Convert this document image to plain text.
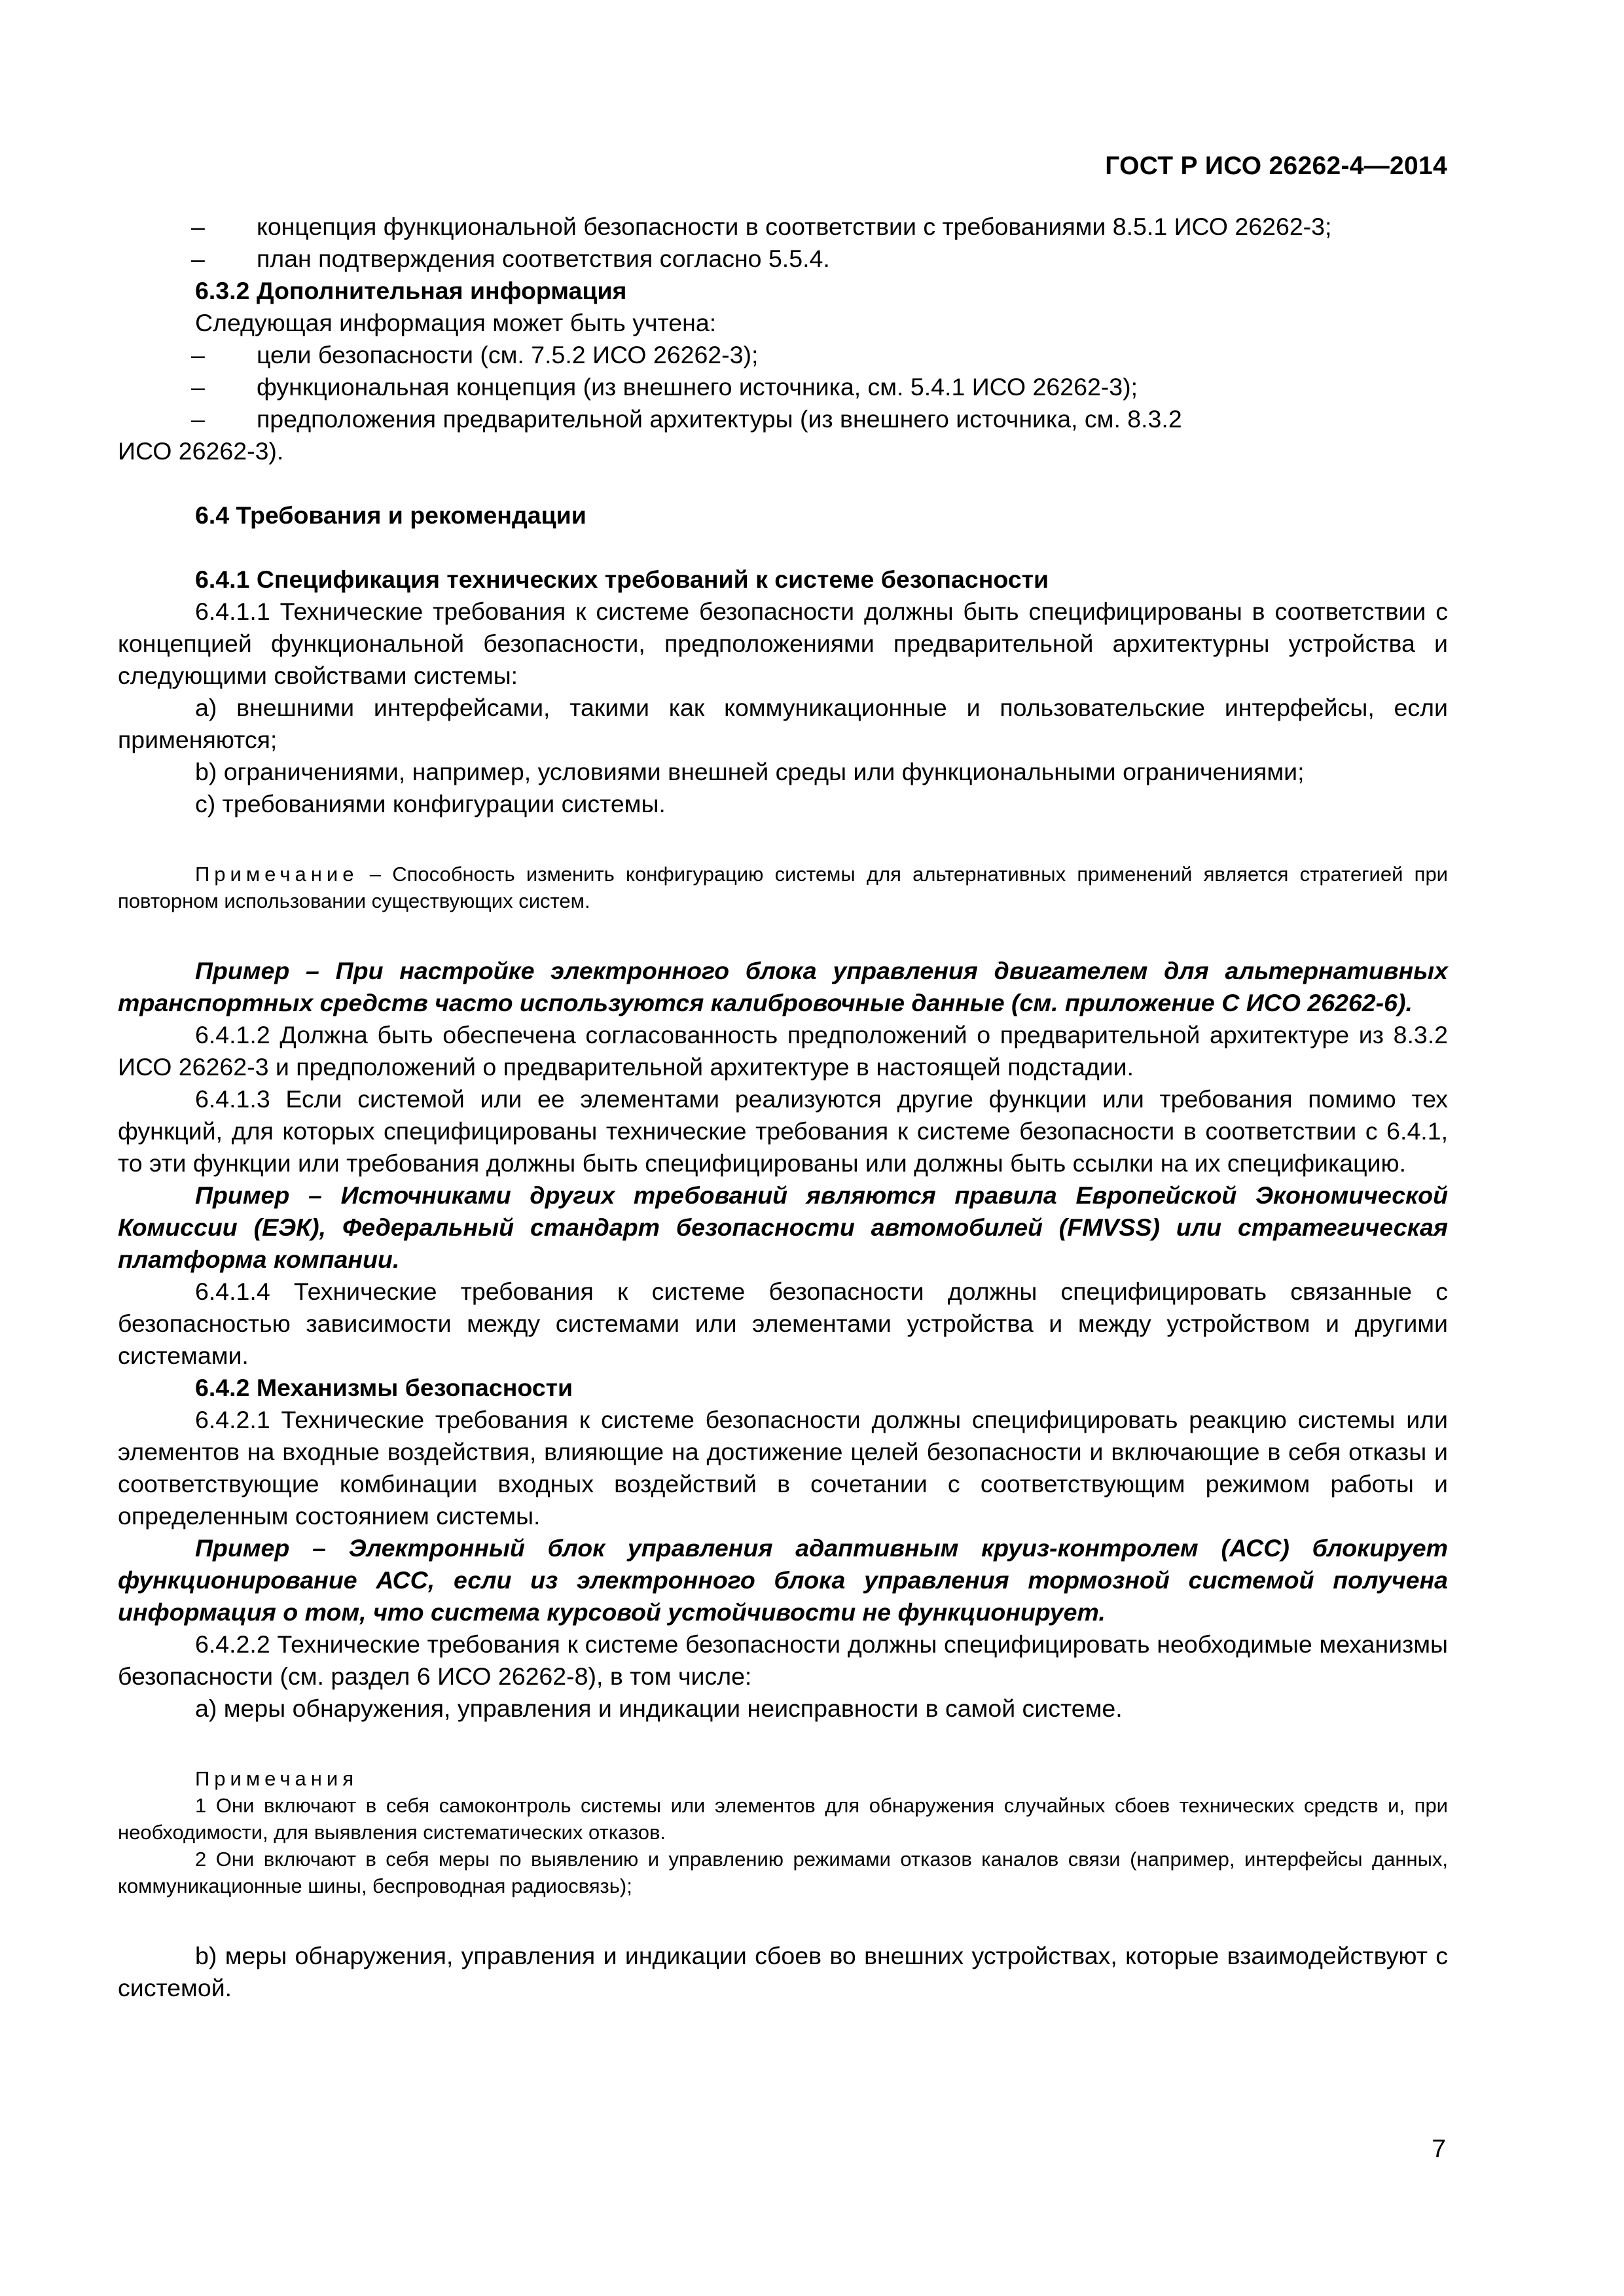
ГОСТ Р ИСО 26262-4—2014

– концепция функциональной безопасности в соответствии с требованиями 8.5.1 ИСО 26262-3;

– план подтверждения соответствия согласно 5.5.4.

6.3.2 Дополнительная информация

Следующая информация может быть учтена:

– цели безопасности (см. 7.5.2 ИСО 26262-3);

– функциональная концепция (из внешнего источника, см. 5.4.1 ИСО 26262-3);

– предположения предварительной архитектуры (из внешнего источника, см. 8.3.2

ИСО 26262-3).

6.4 Требования и рекомендации

6.4.1 Спецификация технических требований к системе безопасности

6.4.1.1 Технические требования к системе безопасности должны быть специфицированы в соответствии с концепцией функциональной безопасности, предположениями предварительной архитектурны устройства и следующими свойствами системы:

a) внешними интерфейсами, такими как коммуникационные и пользовательские интерфейсы, если применяются;

b) ограничениями, например, условиями внешней среды или функциональными ограничениями;

c) требованиями конфигурации системы.

Примечание – Способность изменить конфигурацию системы для альтернативных применений является стратегией при повторном использовании существующих систем.

Пример – При настройке электронного блока управления двигателем для альтернативных транспортных средств часто используются калибровочные данные (см. приложение С ИСО 26262-6).

6.4.1.2 Должна быть обеспечена согласованность предположений о предварительной архитектуре из 8.3.2 ИСО 26262-3 и предположений о предварительной архитектуре в настоящей подстадии.

6.4.1.3 Если системой или ее элементами реализуются другие функции или требования помимо тех функций, для которых специфицированы технические требования к системе безопасности в соответствии с 6.4.1, то эти функции или требования должны быть специфицированы или должны быть ссылки на их спецификацию.

Пример – Источниками других требований являются правила Европейской Экономической Комиссии (ЕЭК), Федеральный стандарт безопасности автомобилей (FMVSS) или стратегическая платформа компании.

6.4.1.4 Технические требования к системе безопасности должны специфицировать связанные с безопасностью зависимости между системами или элементами устройства и между устройством и другими системами.

6.4.2 Механизмы безопасности

6.4.2.1 Технические требования к системе безопасности должны специфицировать реакцию системы или элементов на входные воздействия, влияющие на достижение целей безопасности и включающие в себя отказы и соответствующие комбинации входных воздействий в сочетании с соответствующим режимом работы и определенным состоянием системы.

Пример – Электронный блок управления адаптивным круиз-контролем (АСС) блокирует функционирование АСС, если из электронного блока управления тормозной системой получена информация о том, что система курсовой устойчивости не функционирует.

6.4.2.2 Технические требования к системе безопасности должны специфицировать необходимые механизмы безопасности (см. раздел 6 ИСО 26262-8), в том числе:

a) меры обнаружения, управления и индикации неисправности в самой системе.

Примечания

1 Они включают в себя самоконтроль системы или элементов для обнаружения случайных сбоев технических средств и, при необходимости, для выявления систематических отказов.

2 Они включают в себя меры по выявлению и управлению режимами отказов каналов связи (например, интерфейсы данных, коммуникационные шины, беспроводная радиосвязь);

b) меры обнаружения, управления и индикации сбоев во внешних устройствах, которые взаимодействуют с системой.

7
